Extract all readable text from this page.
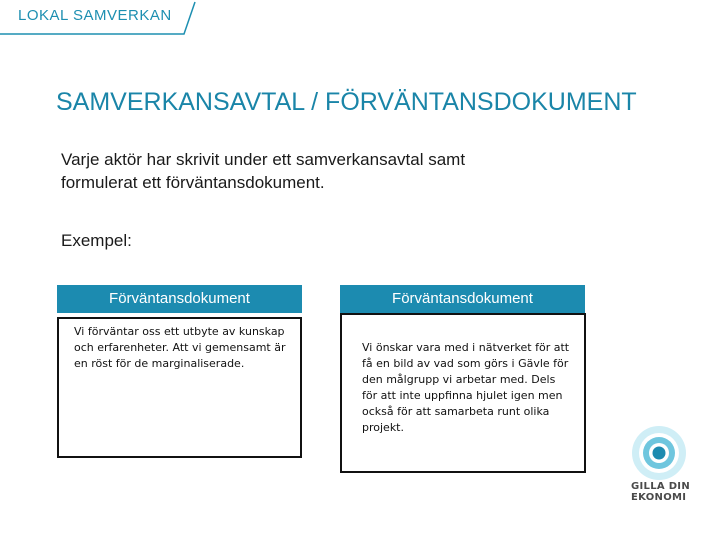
LOKAL SAMVERKAN
SAMVERKANSAVTAL / FÖRVÄNTANSDOKUMENT
Varje aktör har skrivit under ett samverkansavtal samt formulerat ett förväntansdokument.
Exempel:
Förväntansdokument
Vi förväntar oss ett utbyte av kunskap och erfarenheter. Att vi gemensamt är en röst för de marginaliserade.
Förväntansdokument
Vi önskar vara med i nätverket för att få en bild av vad som görs i Gävle för den målgrupp vi arbetar med. Dels för att inte uppfinna hjulet igen men också för att samarbeta runt olika projekt.
GILLA DIN
EKONOMI
